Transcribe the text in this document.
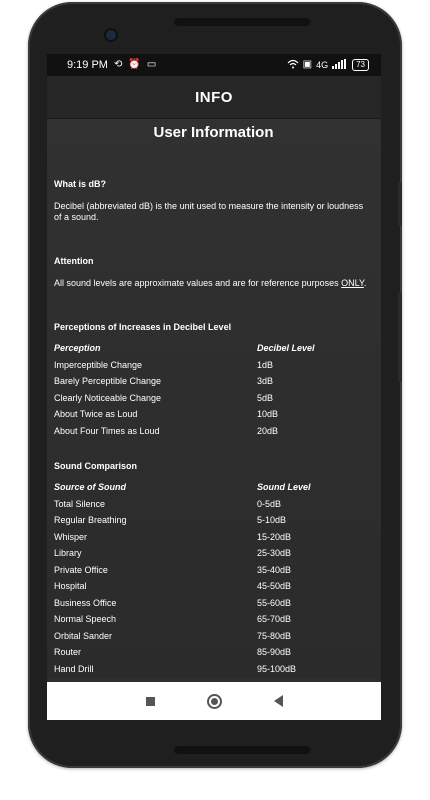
9:19 PM ⟲ ⏰ ▭	▣ 4G	73
INFO
User Information
What is dB?

Decibel (abbreviated dB) is the unit used to measure the intensity or loudness of a sound.

Attention

All sound levels are approximate values and are for reference purposes ONLY.

Perceptions of Increases in Decibel Level
Perception	Decibel Level
Imperceptible Change	1dB
Barely Perceptible Change	3dB
Clearly Noticeable Change	5dB
About Twice as Loud	10dB
About Four Times as Loud	20dB
Sound Comparison
Source of Sound	Sound Level
Total Silence	0-5dB
Regular Breathing	5-10dB
Whisper	15-20dB
Library	25-30dB
Private Office	35-40dB
Hospital	45-50dB
Business Office	55-60dB
Normal Speech	65-70dB
Orbital Sander	75-80dB
Router	85-90dB
Hand Drill	95-100dB
